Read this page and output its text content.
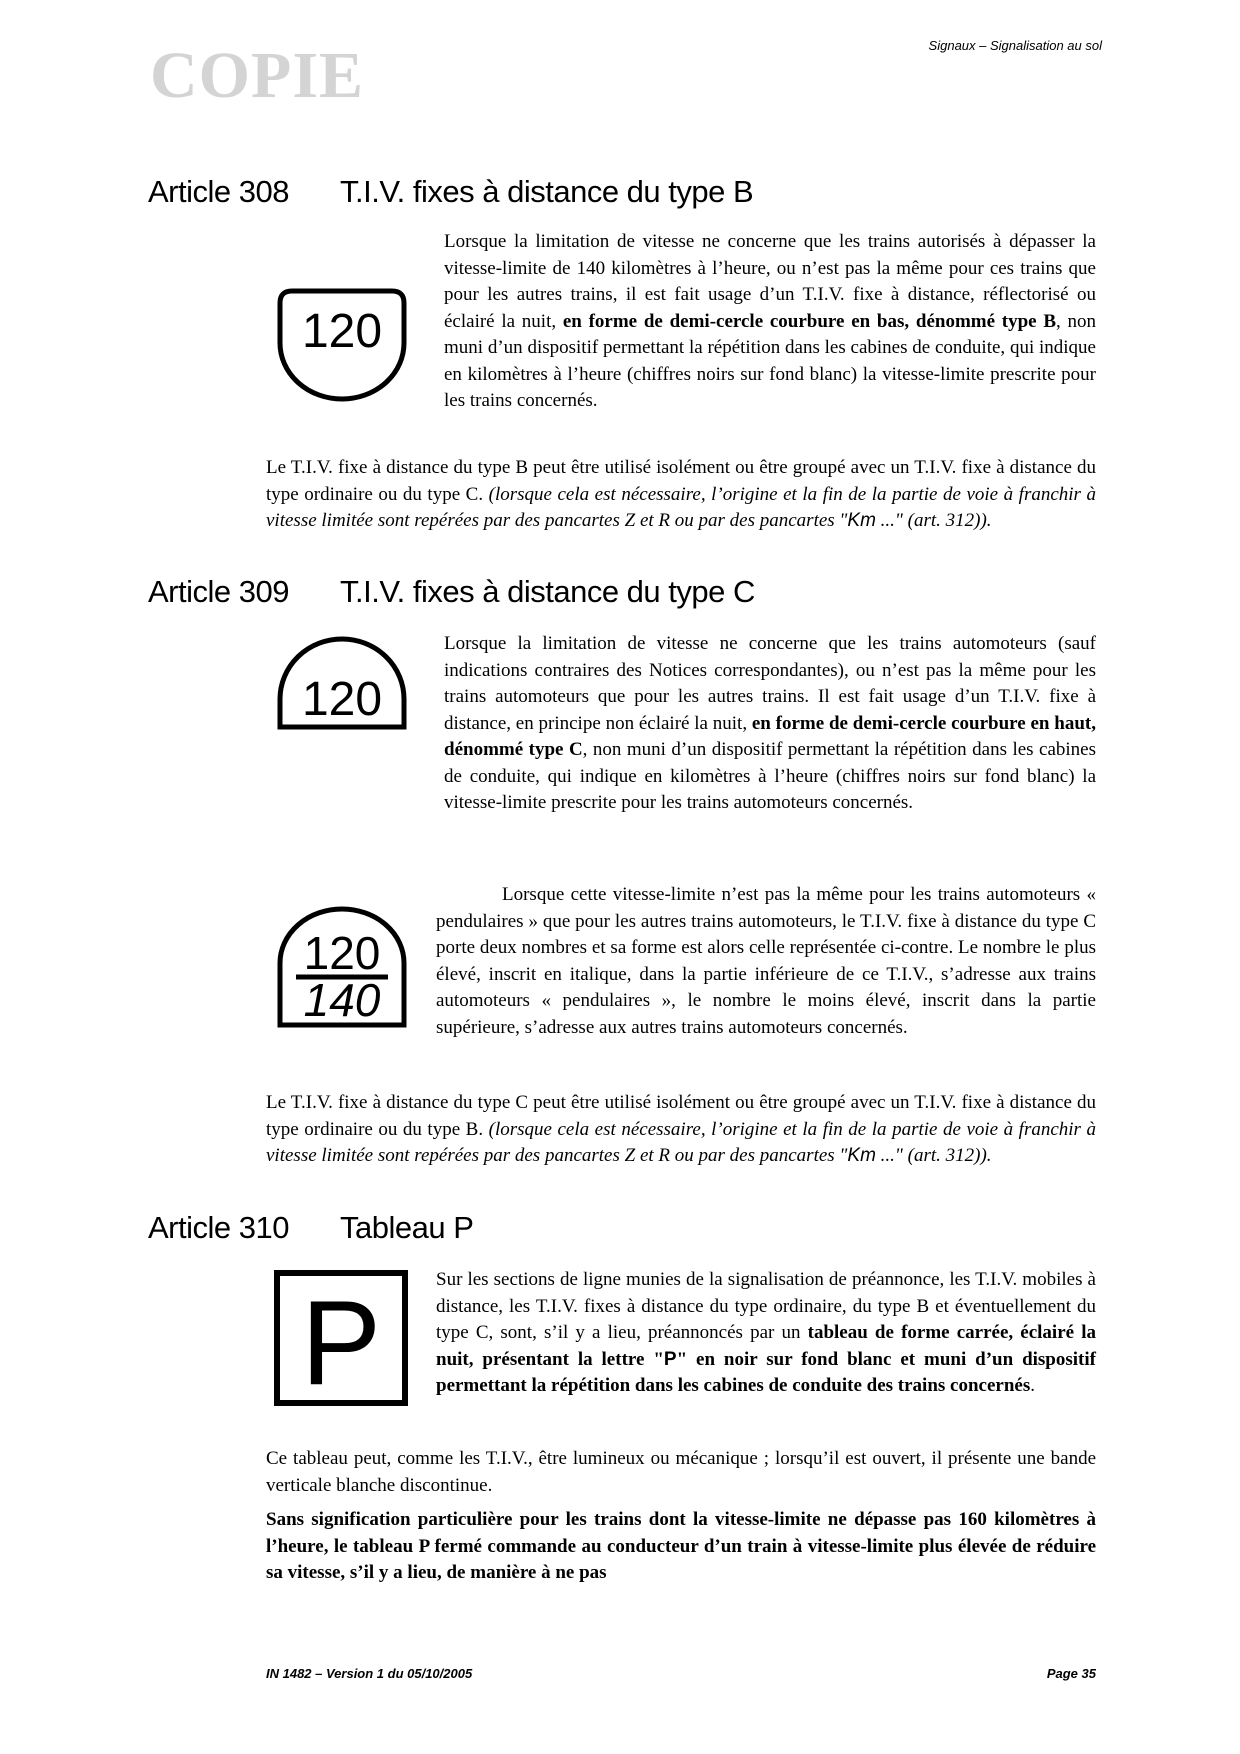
COPIE	Signaux – Signalisation au sol
Article 308 T.I.V. fixes à distance du type B
120

Lorsque la limitation de vitesse ne concerne que les trains autorisés à dépasser la vitesse-limite de 140 kilomètres à l’heure, ou n’est pas la même pour ces trains que pour les autres trains, il est fait usage d’un T.I.V. fixe à distance, réflectorisé ou éclairé la nuit, en forme de demi-cercle courbure en bas, dénommé type B, non muni d’un dispositif permettant la répétition dans les cabines de conduite, qui indique en kilomètres à l’heure (chiffres noirs sur fond blanc) la vitesse-limite prescrite pour les trains concernés.

Le T.I.V. fixe à distance du type B peut être utilisé isolément ou être groupé avec un T.I.V. fixe à distance du type ordinaire ou du type C. (lorsque cela est nécessaire, l’origine et la fin de la partie de voie à franchir à vitesse limitée sont repérées par des pancartes Z et R ou par des pancartes "Km ..." (art. 312)).

Article 309 T.I.V. fixes à distance du type C
120

Lorsque la limitation de vitesse ne concerne que les trains automoteurs (sauf indications contraires des Notices correspondantes), ou n’est pas la même pour les trains automoteurs que pour les autres trains. Il est fait usage d’un T.I.V. fixe à distance, en principe non éclairé la nuit, en forme de demi-cercle courbure en haut, dénommé type C, non muni d’un dispositif permettant la répétition dans les cabines de conduite, qui indique en kilomètres à l’heure (chiffres noirs sur fond blanc) la vitesse-limite prescrite pour les trains automoteurs concernés.

120
140

Lorsque cette vitesse-limite n’est pas la même pour les trains automoteurs « pendulaires » que pour les autres trains automoteurs, le T.I.V. fixe à distance du type C porte deux nombres et sa forme est alors celle représentée ci-contre. Le nombre le plus élevé, inscrit en italique, dans la partie inférieure de ce T.I.V., s’adresse aux trains automoteurs « pendulaires », le nombre le moins élevé, inscrit dans la partie supérieure, s’adresse aux autres trains automoteurs concernés.

Le T.I.V. fixe à distance du type C peut être utilisé isolément ou être groupé avec un T.I.V. fixe à distance du type ordinaire ou du type B. (lorsque cela est nécessaire, l’origine et la fin de la partie de voie à franchir à vitesse limitée sont repérées par des pancartes Z et R ou par des pancartes "Km ..." (art. 312)).

Article 310 Tableau P
P	Sur les sections de ligne munies de la signalisation de préannonce, les T.I.V. mobiles à distance, les T.I.V. fixes à distance du type ordinaire, du type B et éventuellement du type C, sont, s’il y a lieu, préannoncés par un tableau de forme carrée, éclairé la nuit, présentant la lettre "P" en noir sur fond blanc et muni d’un dispositif permettant la répétition dans les cabines de conduite des trains concernés.

Ce tableau peut, comme les T.I.V., être lumineux ou mécanique ; lorsqu’il est ouvert, il présente une bande verticale blanche discontinue.

Sans signification particulière pour les trains dont la vitesse-limite ne dépasse pas 160 kilomètres à l’heure, le tableau P fermé commande au conducteur d’un train à vitesse-limite plus élevée de réduire sa vitesse, s’il y a lieu, de manière à ne pas

IN 1482 – Version 1 du 05/10/2005	Page 35
